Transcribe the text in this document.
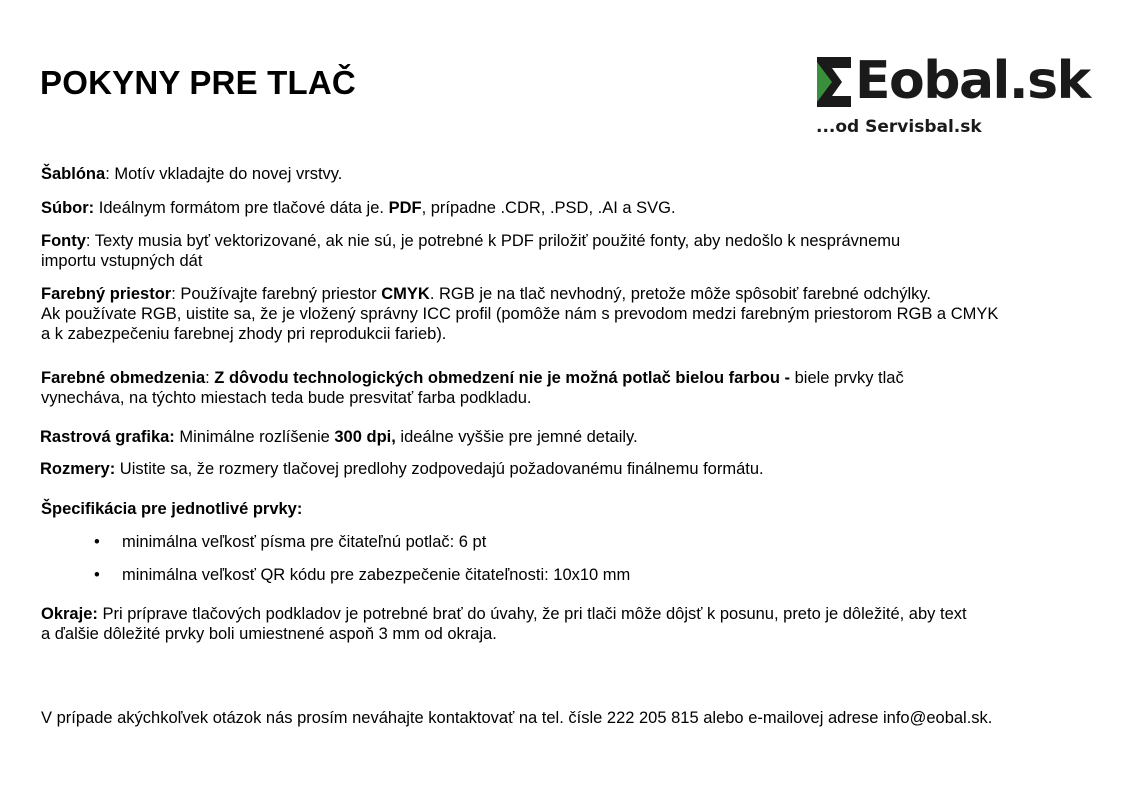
POKYNY PRE TLAČ	Eobal.sk
...od Servisbal.sk

Šablóna: Motív vkladajte do novej vrstvy.

Súbor: Ideálnym formátom pre tlačové dáta je. PDF, prípadne .CDR, .PSD, .AI a SVG.

Fonty: Texty musia byť vektorizované, ak nie sú, je potrebné k PDF priložiť použité fonty, aby nedošlo k nesprávnemu
importu vstupných dát

Farebný priestor: Používajte farebný priestor CMYK. RGB je na tlač nevhodný, pretože môže spôsobiť farebné odchýlky.
Ak používate RGB, uistite sa, že je vložený správny ICC profil (pomôže nám s prevodom medzi farebným priestorom RGB a CMYK
a k zabezpečeniu farebnej zhody pri reprodukcii farieb).

Farebné obmedzenia: Z dôvodu technologických obmedzení nie je možná potlač bielou farbou - biele prvky tlač
vynecháva, na týchto miestach teda bude presvitať farba podkladu.

Rastrová grafika: Minimálne rozlíšenie 300 dpi, ideálne vyššie pre jemné detaily.

Rozmery: Uistite sa, že rozmery tlačovej predlohy zodpovedajú požadovanému finálnemu formátu.

Špecifikácia pre jednotlivé prvky:

• minimálna veľkosť písma pre čitateľnú potlač: 6 pt
• minimálna veľkosť QR kódu pre zabezpečenie čitateľnosti: 10x10 mm

Okraje: Pri príprave tlačových podkladov je potrebné brať do úvahy, že pri tlači môže dôjsť k posunu, preto je dôležité, aby text
a ďalšie dôležité prvky boli umiestnené aspoň 3 mm od okraja.

V prípade akýchkoľvek otázok nás prosím neváhajte kontaktovať na tel. čísle 222 205 815 alebo e-mailovej adrese info@eobal.sk.
